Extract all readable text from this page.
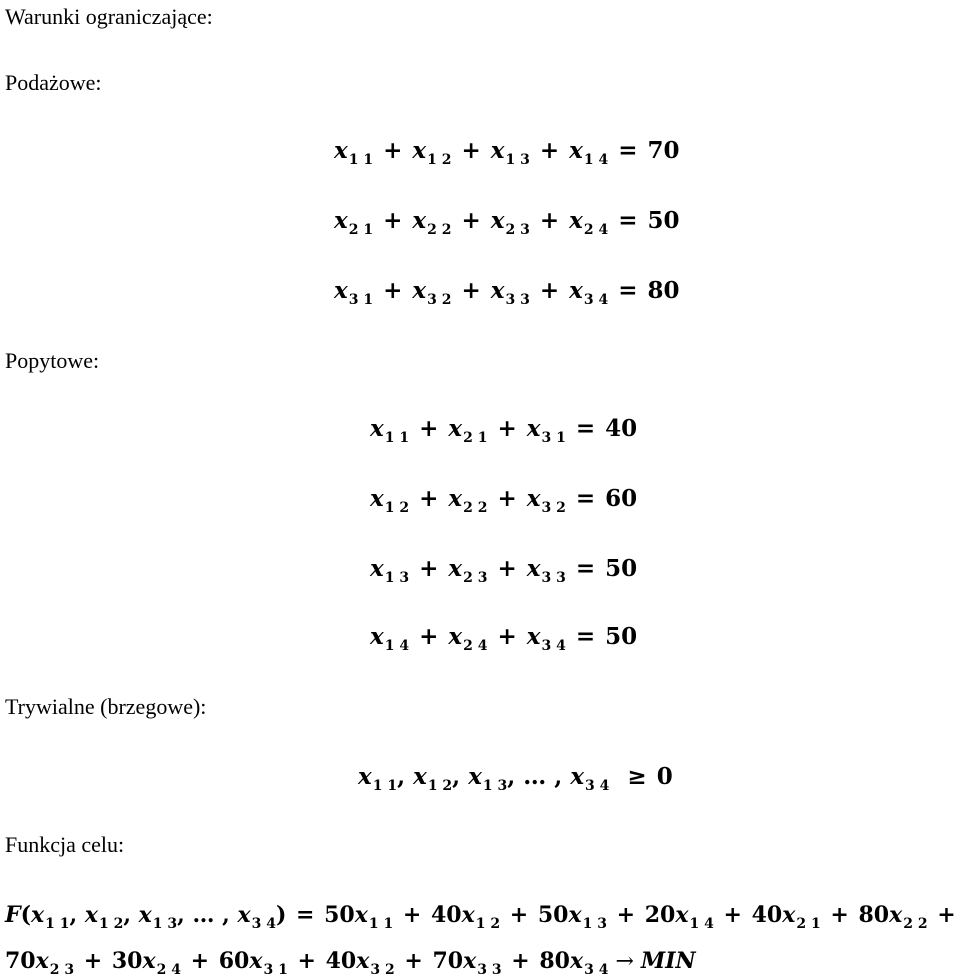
Warunki ograniczające:
Podażowe:
Popytowe:
Trywialne (brzegowe):
Funkcja celu:
$x_{1 1} + x_{1 2} + x_{1 3} + x_{1 4} = 70$
$x_{2 1} + x_{2 2} + x_{2 3} + x_{2 4} = 50$
$x_{3 1} + x_{3 2} + x_{3 3} + x_{3 4} = 80$
$x_{1 1} + x_{2 1} + x_{3 1} = 40$
$x_{1 2} + x_{2 2} + x_{3 2} = 60$
$x_{1 3} + x_{2 3} + x_{3 3} = 50$
$x_{1 4} + x_{2 4} + x_{3 4} = 50$
$x_{1 1}$, $x_{1 2}$, $x_{1 3}$, … , $x_{3 4} \ge 0$
$F(x_{1 1}$, $x_{1 2}$, $x_{1 3}$, … , $x_{3 4}) = 50x_{1 1} + 40x_{1 2} + 50x_{1 3} + 20x_{1 4} + 40x_{2 1} + 80x_{2 2}$ +
$70x_{2 3} + 30x_{2 4} + 60x_{3 1} + 40x_{3 2} + 70x_{3 3} + 80x_{3 4}$ → MIN
